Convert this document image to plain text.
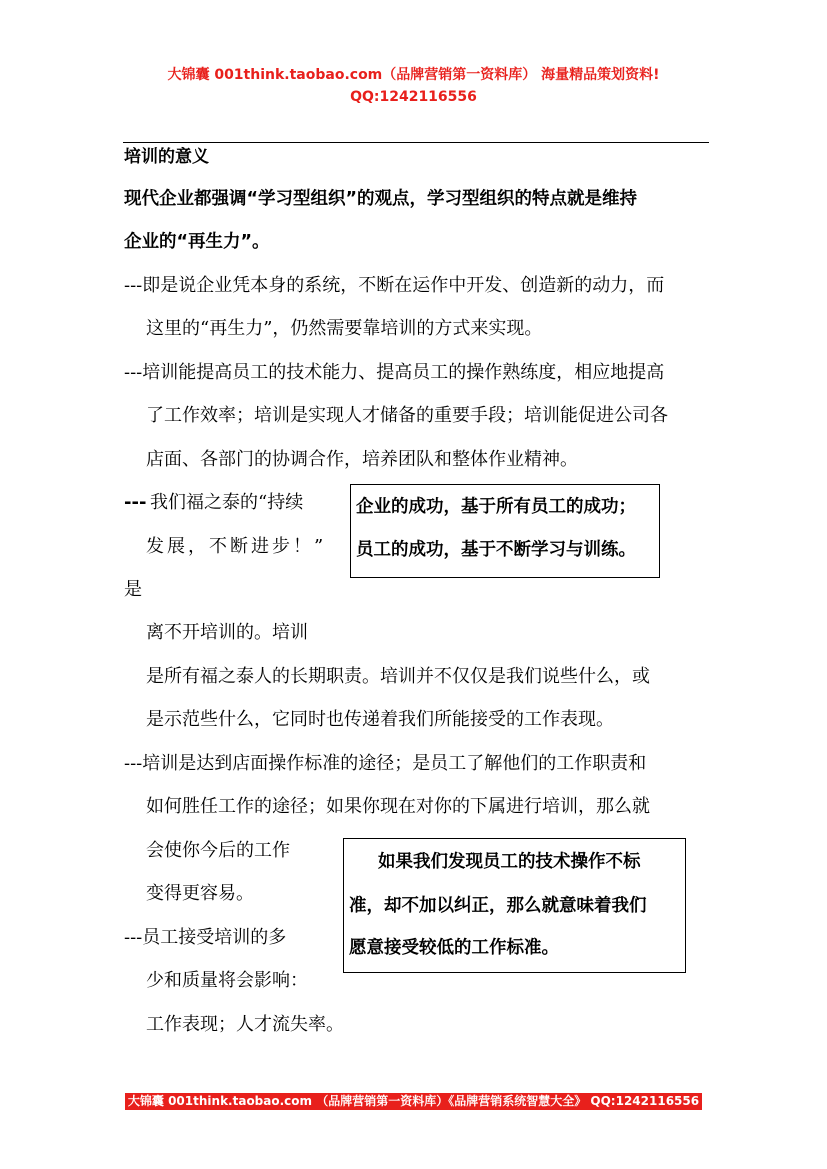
大锦囊 001think.taobao.com（品牌营销第一资料库） 海量精品策划资料!
QQ:1242116556
培训的意义
现代企业都强调“学习型组织”的观点，学习型组织的特点就是维持
企业的“再生力”。
---即是说企业凭本身的系统，不断在运作中开发、创造新的动力，而
这里的“再生力”，仍然需要靠培训的方式来实现。
---培训能提高员工的技术能力、提高员工的操作熟练度，相应地提高
了工作效率；培训是实现人才储备的重要手段；培训能促进公司各
店面、各部门的协调合作，培养团队和整体作业精神。
--- 我们福之泰的“持续
发展，不断进步！”
是
离不开培训的。培训
是所有福之泰人的长期职责。培训并不仅仅是我们说些什么，或
是示范些什么，它同时也传递着我们所能接受的工作表现。
---培训是达到店面操作标准的途径；是员工了解他们的工作职责和
如何胜任工作的途径；如果你现在对你的下属进行培训，那么就
会使你今后的工作
变得更容易。
---员工接受培训的多
少和质量将会影响：
工作表现；人才流失率。
企业的成功，基于所有员工的成功；
员工的成功，基于不断学习与训练。
如果我们发现员工的技术操作不标
准，却不加以纠正，那么就意味着我们
愿意接受较低的工作标准。
大锦囊 001think.taobao.com （品牌营销第一资料库）《品牌营销系统智慧大全》 QQ:1242116556
